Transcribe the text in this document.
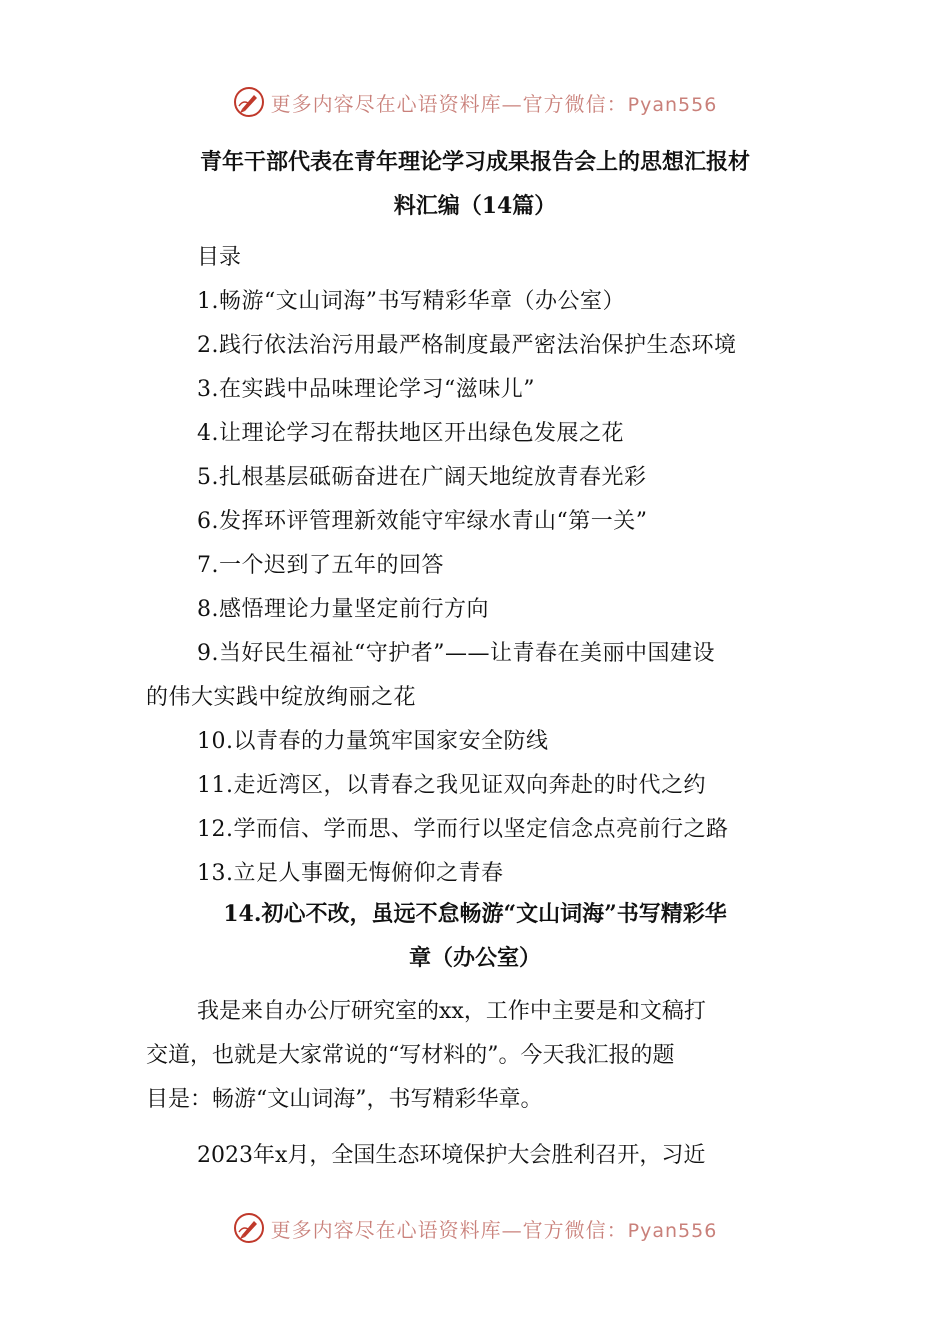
更多内容尽在心语资料库—官方微信：Pyan556
青年干部代表在青年理论学习成果报告会上的思想汇报材
料汇编（14篇）
目录
1.畅游“文山词海”书写精彩华章（办公室）
2.践行依法治污用最严格制度最严密法治保护生态环境
3.在实践中品味理论学习“滋味儿”
4.让理论学习在帮扶地区开出绿色发展之花
5.扎根基层砥砺奋进在广阔天地绽放青春光彩
6.发挥环评管理新效能守牢绿水青山“第一关”
7.一个迟到了五年的回答
8.感悟理论力量坚定前行方向
9.当好民生福祉“守护者”——让青春在美丽中国建设
的伟大实践中绽放绚丽之花
10.以青春的力量筑牢国家安全防线
11.走近湾区，以青春之我见证双向奔赴的时代之约
12.学而信、学而思、学而行以坚定信念点亮前行之路
13.立足人事圈无悔俯仰之青春
14.初心不改，虽远不怠畅游“文山词海”书写精彩华
章（办公室）
我是来自办公厅研究室的xx，工作中主要是和文稿打
交道，也就是大家常说的“写材料的”。今天我汇报的题
目是：畅游“文山词海”，书写精彩华章。
2023年x月，全国生态环境保护大会胜利召开，习近
更多内容尽在心语资料库—官方微信：Pyan556
